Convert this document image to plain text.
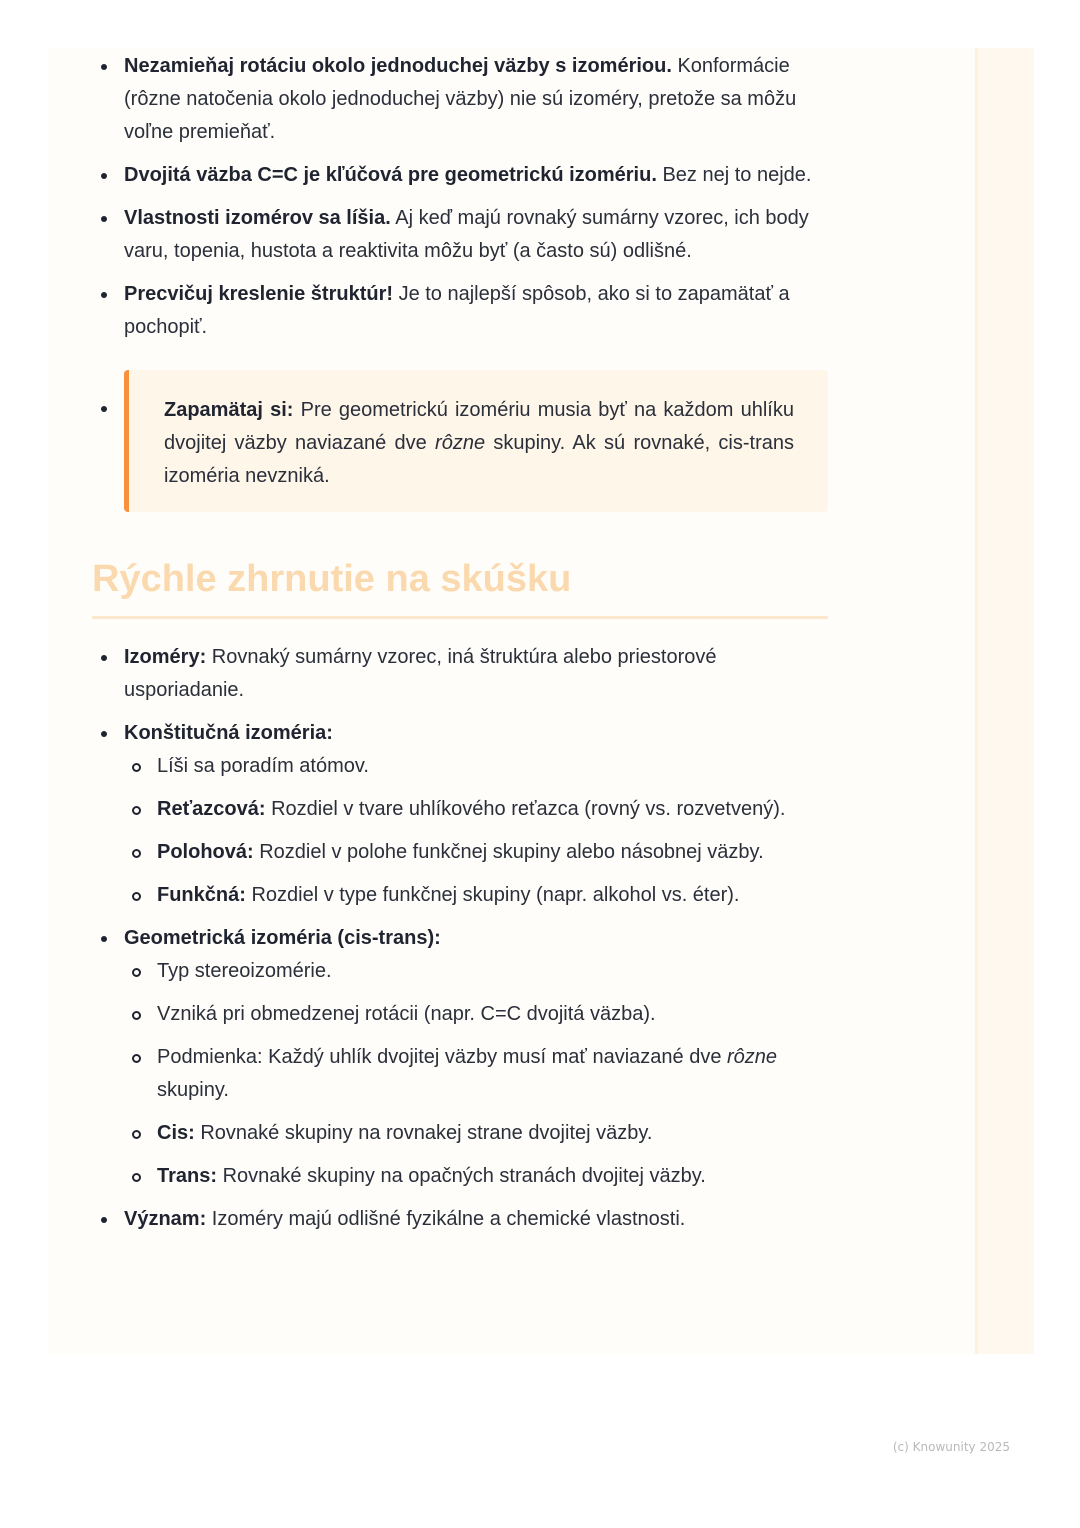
Nezamieňaj rotáciu okolo jednoduchej väzby s izomériou. Konformácie (rôzne natočenia okolo jednoduchej väzby) nie sú izoméry, pretože sa môžu voľne premieňať.
Dvojitá väzba C=C je kľúčová pre geometrickú izomériu. Bez nej to nejde.
Vlastnosti izomérov sa líšia. Aj keď majú rovnaký sumárny vzorec, ich body varu, topenia, hustota a reaktivita môžu byť (a často sú) odlišné.
Precvičuj kreslenie štruktúr! Je to najlepší spôsob, ako si to zapamätať a pochopiť.
Zapamätaj si: Pre geometrickú izomériu musia byť na každom uhlíku dvojitej väzby naviazané dve rôzne skupiny. Ak sú rovnaké, cis-trans izoméria nevzniká.
Rýchle zhrnutie na skúšku
Izoméry: Rovnaký sumárny vzorec, iná štruktúra alebo priestorové usporiadanie.
Konštitučná izoméria:
Líši sa poradím atómov.
Reťazcová: Rozdiel v tvare uhlíkového reťazca (rovný vs. rozvetvený).
Polohová: Rozdiel v polohe funkčnej skupiny alebo násobnej väzby.
Funkčná: Rozdiel v type funkčnej skupiny (napr. alkohol vs. éter).
Geometrická izoméria (cis-trans):
Typ stereoizomérie.
Vzniká pri obmedzenej rotácii (napr. C=C dvojitá väzba).
Podmienka: Každý uhlík dvojitej väzby musí mať naviazané dve rôzne skupiny.
Cis: Rovnaké skupiny na rovnakej strane dvojitej väzby.
Trans: Rovnaké skupiny na opačných stranách dvojitej väzby.
Význam: Izoméry majú odlišné fyzikálne a chemické vlastnosti.
(c) Knowunity 2025
